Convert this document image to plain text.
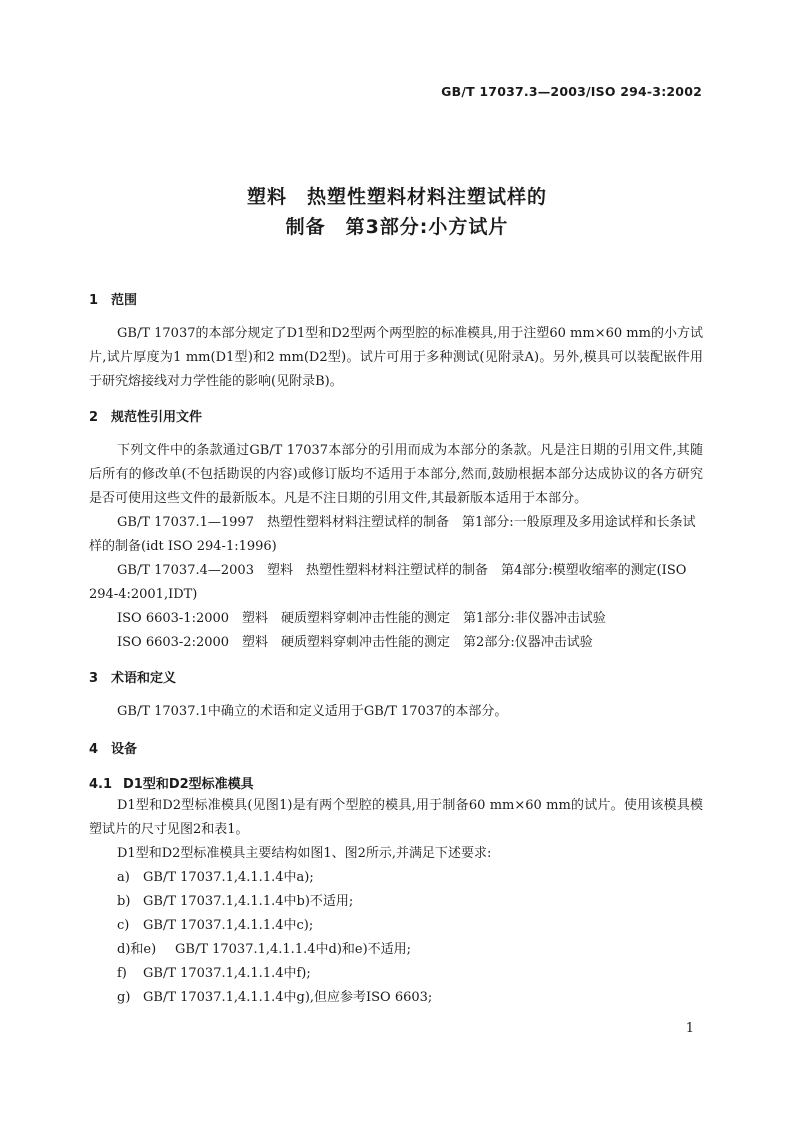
GB/T 17037.3—2003/ISO 294-3:2002
塑料　热塑性塑料材料注塑试样的
制备　第3部分:小方试片

1 范围

GB/T 17037的本部分规定了D1型和D2型两个两型腔的标准模具,用于注塑60 mm×60 mm的小方试片,试片厚度为1 mm(D1型)和2 mm(D2型)。试片可用于多种测试(见附录A)。另外,模具可以装配嵌件用于研究熔接线对力学性能的影响(见附录B)。

2 规范性引用文件

下列文件中的条款通过GB/T 17037本部分的引用而成为本部分的条款。凡是注日期的引用文件,其随后所有的修改单(不包括勘误的内容)或修订版均不适用于本部分,然而,鼓励根据本部分达成协议的各方研究是否可使用这些文件的最新版本。凡是不注日期的引用文件,其最新版本适用于本部分。

GB/T 17037.1—1997　热塑性塑料材料注塑试样的制备　第1部分:一般原理及多用途试样和长条试样的制备(idt ISO 294-1:1996)

GB/T 17037.4—2003　塑料　热塑性塑料材料注塑试样的制备　第4部分:模塑收缩率的测定(ISO 294-4:2001,IDT)

ISO 6603-1:2000　塑料　硬质塑料穿刺冲击性能的测定　第1部分:非仪器冲击试验

ISO 6603-2:2000　塑料　硬质塑料穿刺冲击性能的测定　第2部分:仪器冲击试验

3 术语和定义

GB/T 17037.1中确立的术语和定义适用于GB/T 17037的本部分。

4 设备

4.1 D1型和D2型标准模具

D1型和D2型标准模具(见图1)是有两个型腔的模具,用于制备60 mm×60 mm的试片。使用该模具模塑试片的尺寸见图2和表1。

D1型和D2型标准模具主要结构如图1、图2所示,并满足下述要求:

a) GB/T 17037.1,4.1.1.4中a);

b) GB/T 17037.1,4.1.1.4中b)不适用;

c) GB/T 17037.1,4.1.1.4中c);

d)和e) GB/T 17037.1,4.1.1.4中d)和e)不适用;

f) GB/T 17037.1,4.1.1.4中f);

g) GB/T 17037.1,4.1.1.4中g),但应参考ISO 6603;

1
